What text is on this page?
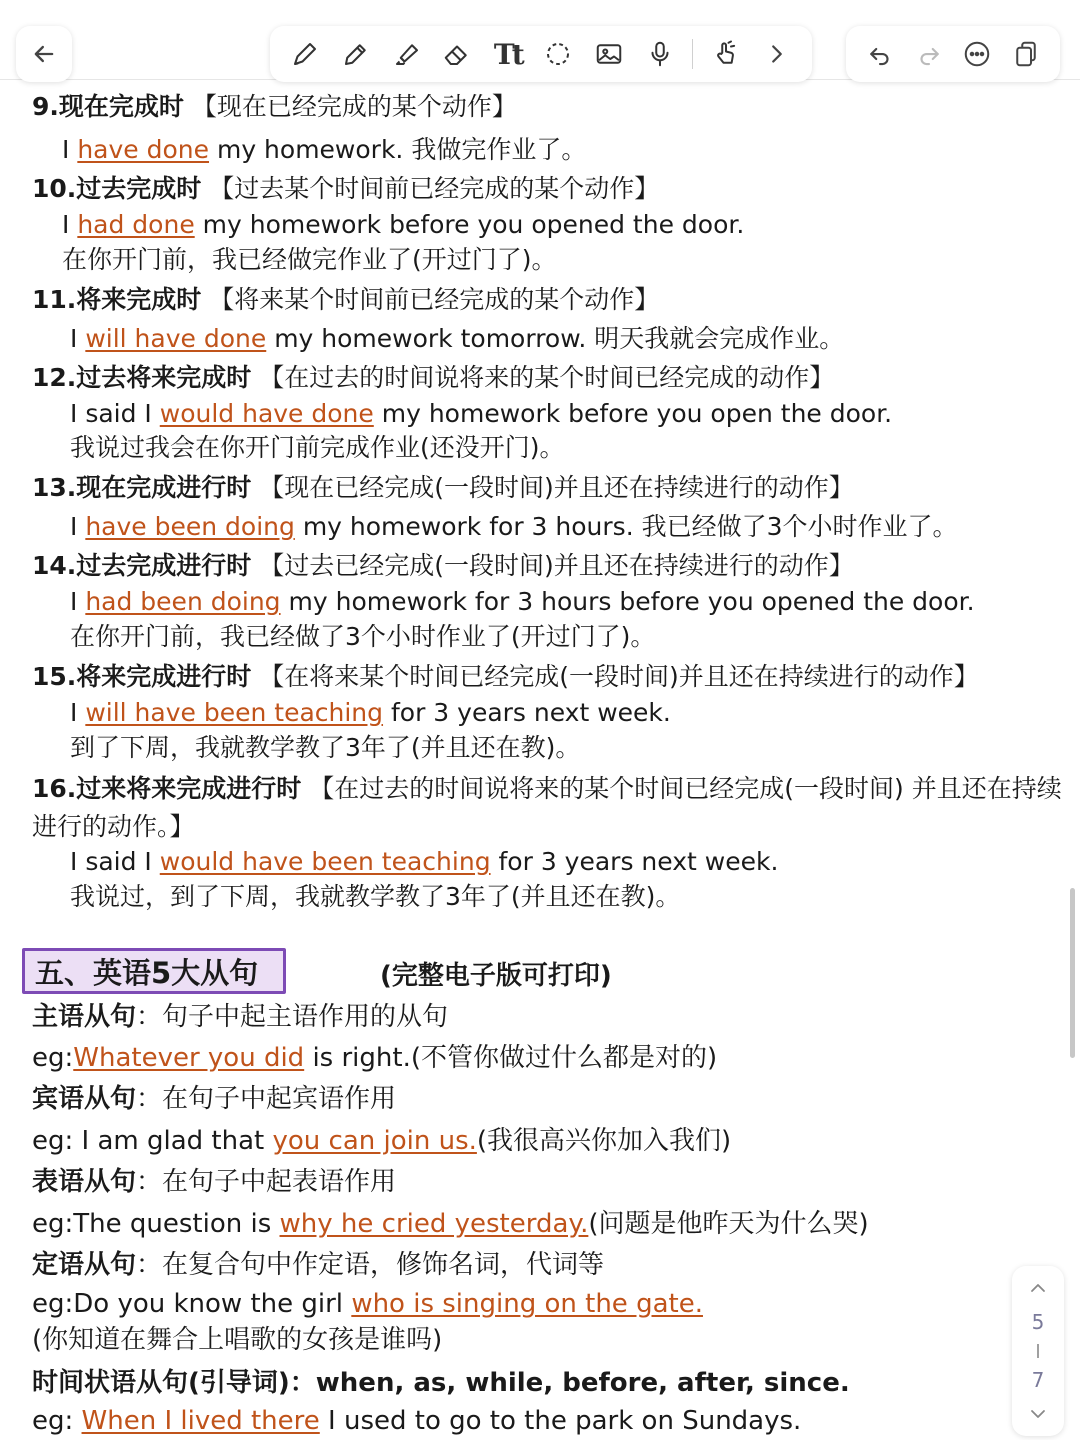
Tt
9.现在完成时 【现在已经完成的某个动作】
I have done my homework. 我做完作业了。
10.过去完成时 【过去某个时间前已经完成的某个动作】
I had done my homework before you opened the door.
在你开门前，我已经做完作业了(开过门了)。
11.将来完成时 【将来某个时间前已经完成的某个动作】
I will have done my homework tomorrow. 明天我就会完成作业。
12.过去将来完成时 【在过去的时间说将来的某个时间已经完成的动作】
I said I would have done my homework before you open the door.
我说过我会在你开门前完成作业(还没开门)。
13.现在完成进行时 【现在已经完成(一段时间)并且还在持续进行的动作】
I have been doing my homework for 3 hours. 我已经做了3个小时作业了。
14.过去完成进行时 【过去已经完成(一段时间)并且还在持续进行的动作】
I had been doing my homework for 3 hours before you opened the door.
在你开门前，我已经做了3个小时作业了(开过门了)。
15.将来完成进行时 【在将来某个时间已经完成(一段时间)并且还在持续进行的动作】
I will have been teaching for 3 years next week.
到了下周，我就教学教了3年了(并且还在教)。
16.过来将来完成进行时 【在过去的时间说将来的某个时间已经完成(一段时间) 并且还在持续进行的动作。】
I said I would have been teaching for 3 years next week.
我说过，到了下周，我就教学教了3年了(并且还在教)。
五、英语5大从句	(完整电子版可打印)
主语从句：句子中起主语作用的从句
eg:Whatever you did is right.(不管你做过什么都是对的)
宾语从句：在句子中起宾语作用
eg: I am glad that you can join us.(我很高兴你加入我们)
表语从句：在句子中起表语作用
eg:The question is why he cried yesterday.(问题是他昨天为什么哭)
定语从句：在复合句中作定语，修饰名词，代词等
eg:Do you know the girl who is singing on the gate.
(你知道在舞合上唱歌的女孩是谁吗)
时间状语从句(引导词)：when, as, while, before, after, since.
eg: When I lived there I used to go to the park on Sundays.
5
7
